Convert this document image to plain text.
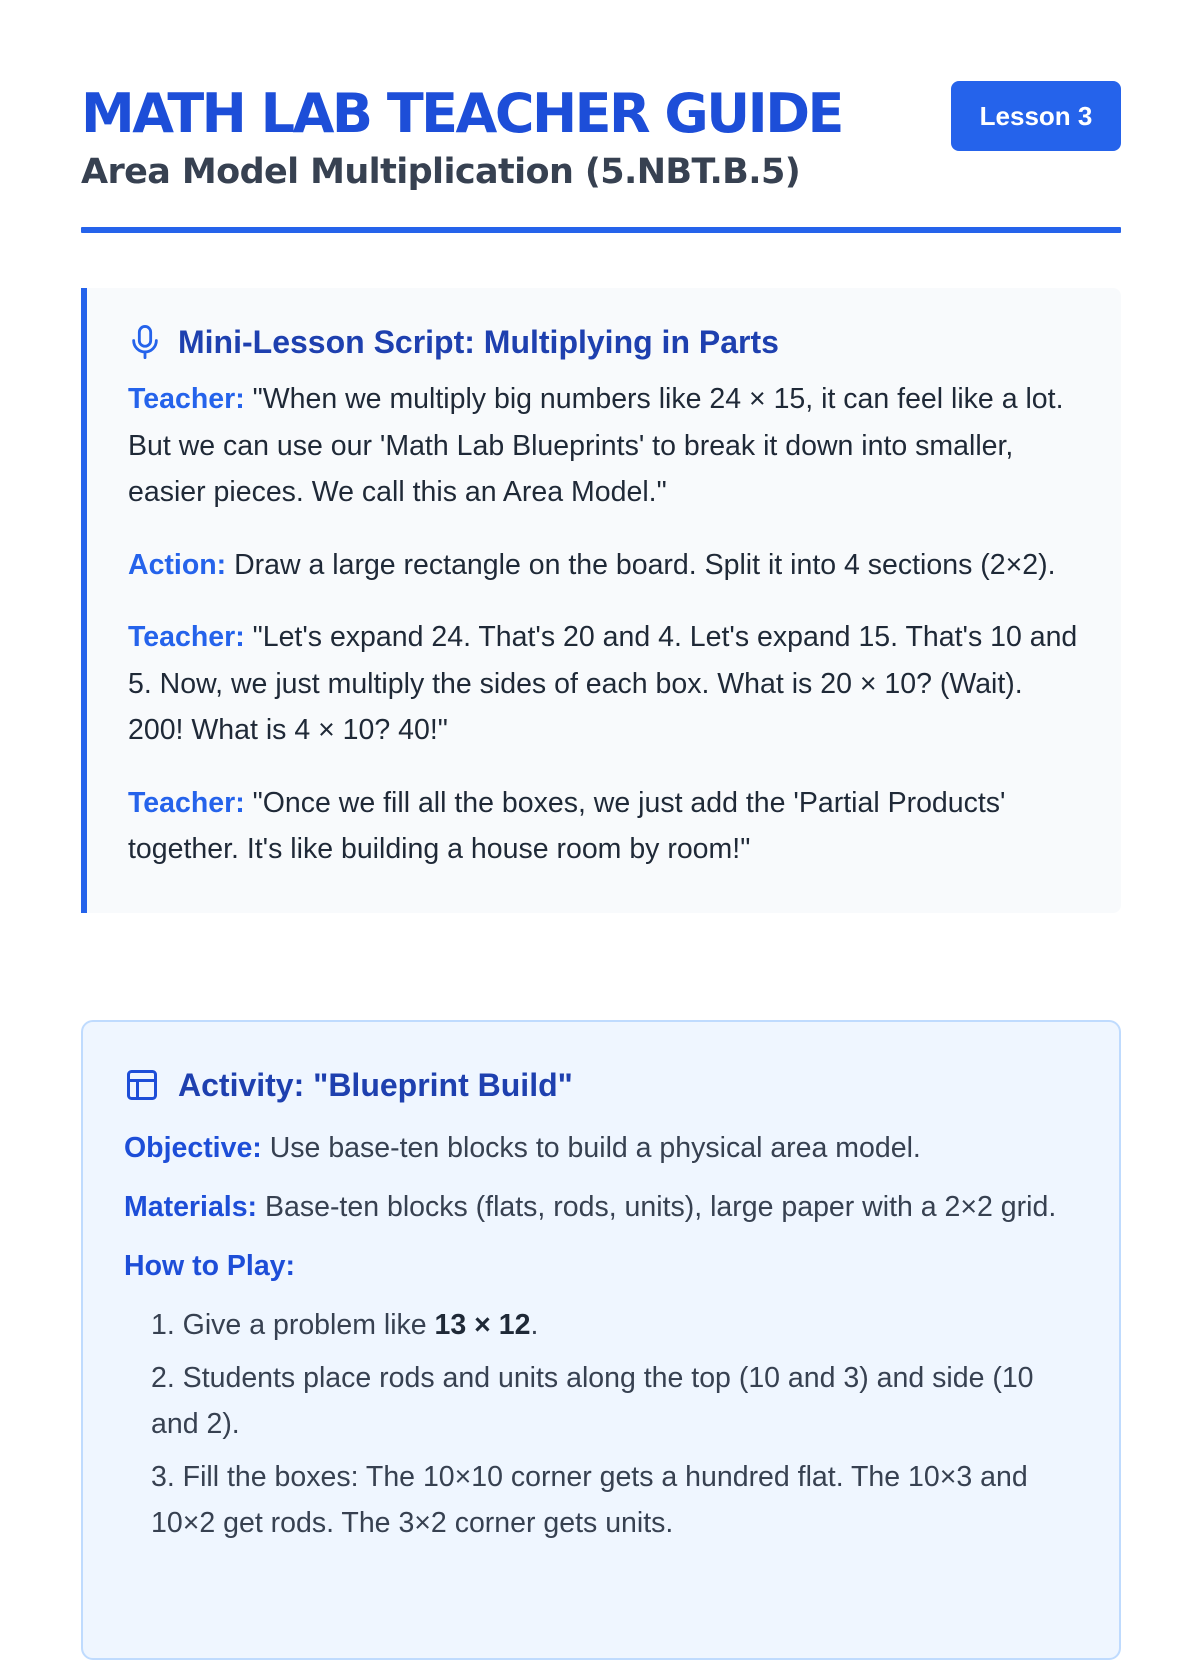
MATH LAB TEACHER GUIDE
Area Model Multiplication (5.NBT.B.5)
Lesson 3
Mini-Lesson Script: Multiplying in Parts

Teacher: "When we multiply big numbers like 24 × 15, it can feel like a lot. But we can use our 'Math Lab Blueprints' to break it down into smaller, easier pieces. We call this an Area Model."

Action: Draw a large rectangle on the board. Split it into 4 sections (2×2).

Teacher: "Let's expand 24. That's 20 and 4. Let's expand 15. That's 10 and 5. Now, we just multiply the sides of each box. What is 20 × 10? (Wait). 200! What is 4 × 10? 40!"

Teacher: "Once we fill all the boxes, we just add the 'Partial Products' together. It's like building a house room by room!"

Activity: "Blueprint Build"

Objective: Use base-ten blocks to build a physical area model.

Materials: Base-ten blocks (flats, rods, units), large paper with a 2×2 grid.

How to Play:

1. Give a problem like 13 × 12.
2. Students place rods and units along the top (10 and 3) and side (10 and 2).
3. Fill the boxes: The 10×10 corner gets a hundred flat. The 10×3 and 10×2 get rods. The 3×2 corner gets units.
